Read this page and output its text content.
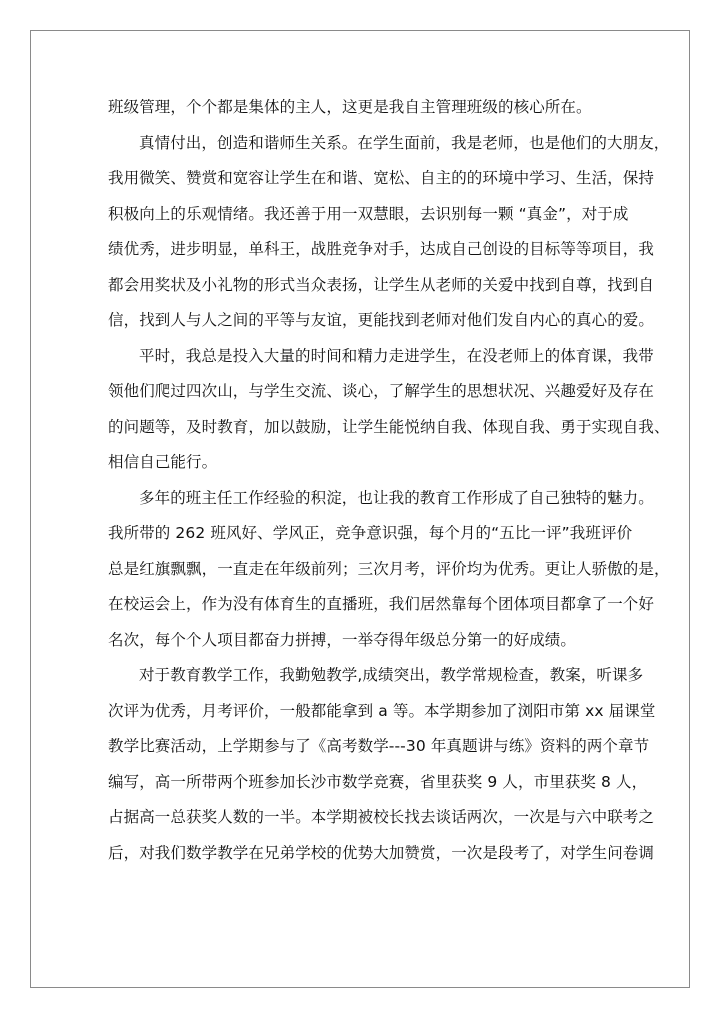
班级管理，个个都是集体的主人，这更是我自主管理班级的核心所在。
真情付出，创造和谐师生关系。在学生面前，我是老师，也是他们的大朋友，
我用微笑、赞赏和宽容让学生在和谐、宽松、自主的的环境中学习、生活，保持
积极向上的乐观情绪。我还善于用一双慧眼，去识别每一颗 “真金”，对于成
绩优秀，进步明显，单科王，战胜竞争对手，达成自己创设的目标等等项目，我
都会用奖状及小礼物的形式当众表扬，让学生从老师的关爱中找到自尊，找到自
信，找到人与人之间的平等与友谊，更能找到老师对他们发自内心的真心的爱。
平时，我总是投入大量的时间和精力走进学生，在没老师上的体育课，我带
领他们爬过四次山，与学生交流、谈心，了解学生的思想状况、兴趣爱好及存在
的问题等，及时教育，加以鼓励，让学生能悦纳自我、体现自我、勇于实现自我、
相信自己能行。
多年的班主任工作经验的积淀，也让我的教育工作形成了自己独特的魅力。
我所带的 262 班风好、学风正，竞争意识强，每个月的“五比一评”我班评价
总是红旗飘飘，一直走在年级前列；三次月考，评价均为优秀。更让人骄傲的是，
在校运会上，作为没有体育生的直播班，我们居然靠每个团体项目都拿了一个好
名次，每个个人项目都奋力拼搏，一举夺得年级总分第一的好成绩。
对于教育教学工作，我勤勉教学,成绩突出，教学常规检查，教案，听课多
次评为优秀，月考评价，一般都能拿到 a 等。本学期参加了浏阳市第 xx 届课堂
教学比赛活动，上学期参与了《高考数学---30 年真题讲与练》资料的两个章节
编写，高一所带两个班参加长沙市数学竞赛，省里获奖 9 人，市里获奖 8 人，
占据高一总获奖人数的一半。本学期被校长找去谈话两次，一次是与六中联考之
后，对我们数学教学在兄弟学校的优势大加赞赏，一次是段考了，对学生问卷调
